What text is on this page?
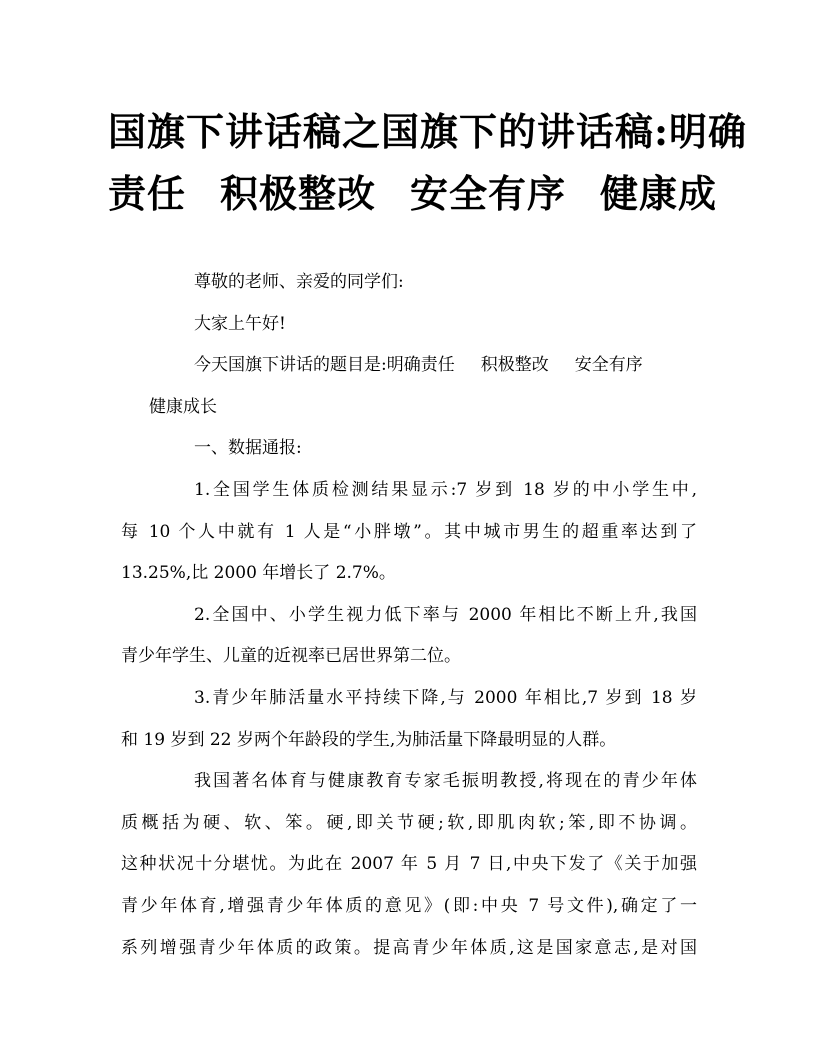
国旗下讲话稿之国旗下的讲话稿:明确
责任 积极整改 安全有序 健康成
尊敬的老师、亲爱的同学们:
大家上午好!
今天国旗下讲话的题目是:明确责任 积极整改 安全有序
健康成长
一、数据通报:
1.全国学生体质检测结果显示:7 岁到 18 岁的中小学生中,
每 10 个人中就有 1 人是“小胖墩”。其中城市男生的超重率达到了
13.25%,比 2000 年增长了 2.7%。
2.全国中、小学生视力低下率与 2000 年相比不断上升,我国
青少年学生、儿童的近视率已居世界第二位。
3.青少年肺活量水平持续下降,与 2000 年相比,7 岁到 18 岁
和 19 岁到 22 岁两个年龄段的学生,为肺活量下降最明显的人群。
我国著名体育与健康教育专家毛振明教授,将现在的青少年体
质概括为硬、软、笨。硬,即关节硬;软,即肌肉软;笨,即不协调。
这种状况十分堪忧。为此在 2007 年 5 月 7 日,中央下发了《关于加强
青少年体育,增强青少年体质的意见》(即:中央 7 号文件),确定了一
系列增强青少年体质的政策。提高青少年体质,这是国家意志,是对国
